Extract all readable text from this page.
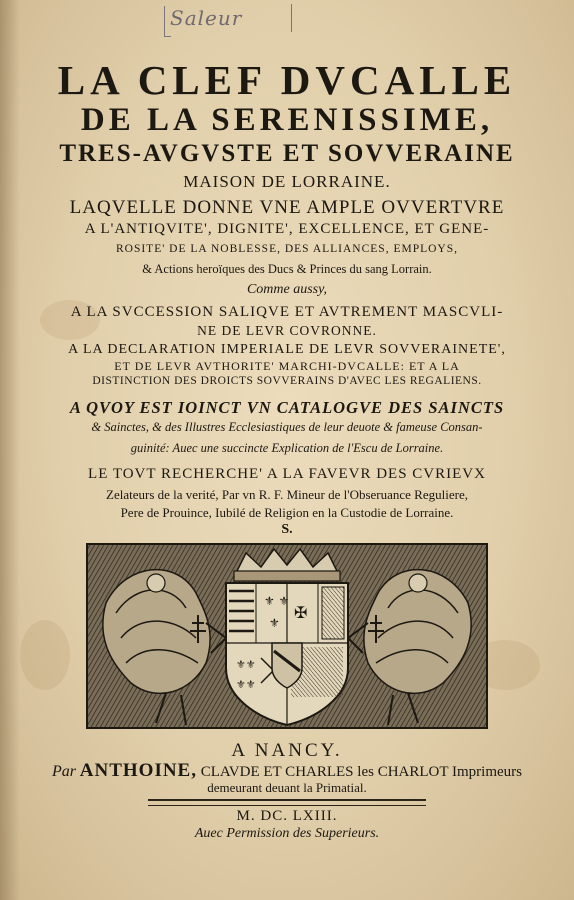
Saleur
LA CLEF DVCALLE
DE LA SERENISSIME,
TRES-AVGVSTE ET SOVVERAINE
MAISON DE LORRAINE.
LAQVELLE DONNE VNE AMPLE OVVERTVRE
A L'ANTIQVITE', DIGNITE', EXCELLENCE, ET GENE-
ROSITE' DE LA NOBLESSE, DES ALLIANCES, EMPLOYS,
& Actions heroïques des Ducs & Princes du sang Lorrain.
Comme aussy,
A LA SVCCESSION SALIQVE ET AVTREMENT MASCVLI-
NE DE LEVR COVRONNE.
A LA DECLARATION IMPERIALE DE LEVR SOVVERAINETE',
ET DE LEVR AVTHORITE' MARCHI-DVCALLE: ET A LA
DISTINCTION DES DROICTS SOVVERAINS D'AVEC LES REGALIENS.
A QVOY EST IOINCT VN CATALOGVE DES SAINCTS
& Sainctes, & des Illustres Ecclesiastiques de leur deuote & fameuse Consan-
guinité: Auec une succincte Explication de l'Escu de Lorraine.
LE TOVT RECHERCHE' A LA FAVEVR DES CVRIEVX
Zelateurs de la verité, Par vn R. F. Mineur de l'Obseruance Reguliere,
Pere de Prouince, Iubilé de Religion en la Custodie de Lorraine.
S.
⚜ ⚜
⚜
⚜⚜
⚜⚜
✠
A NANCY.
Par ANTHOINE, CLAVDE ET CHARLES les CHARLOT Imprimeurs
demeurant deuant la Primatial.
M. DC. LXIII.
Auec Permission des Superieurs.
